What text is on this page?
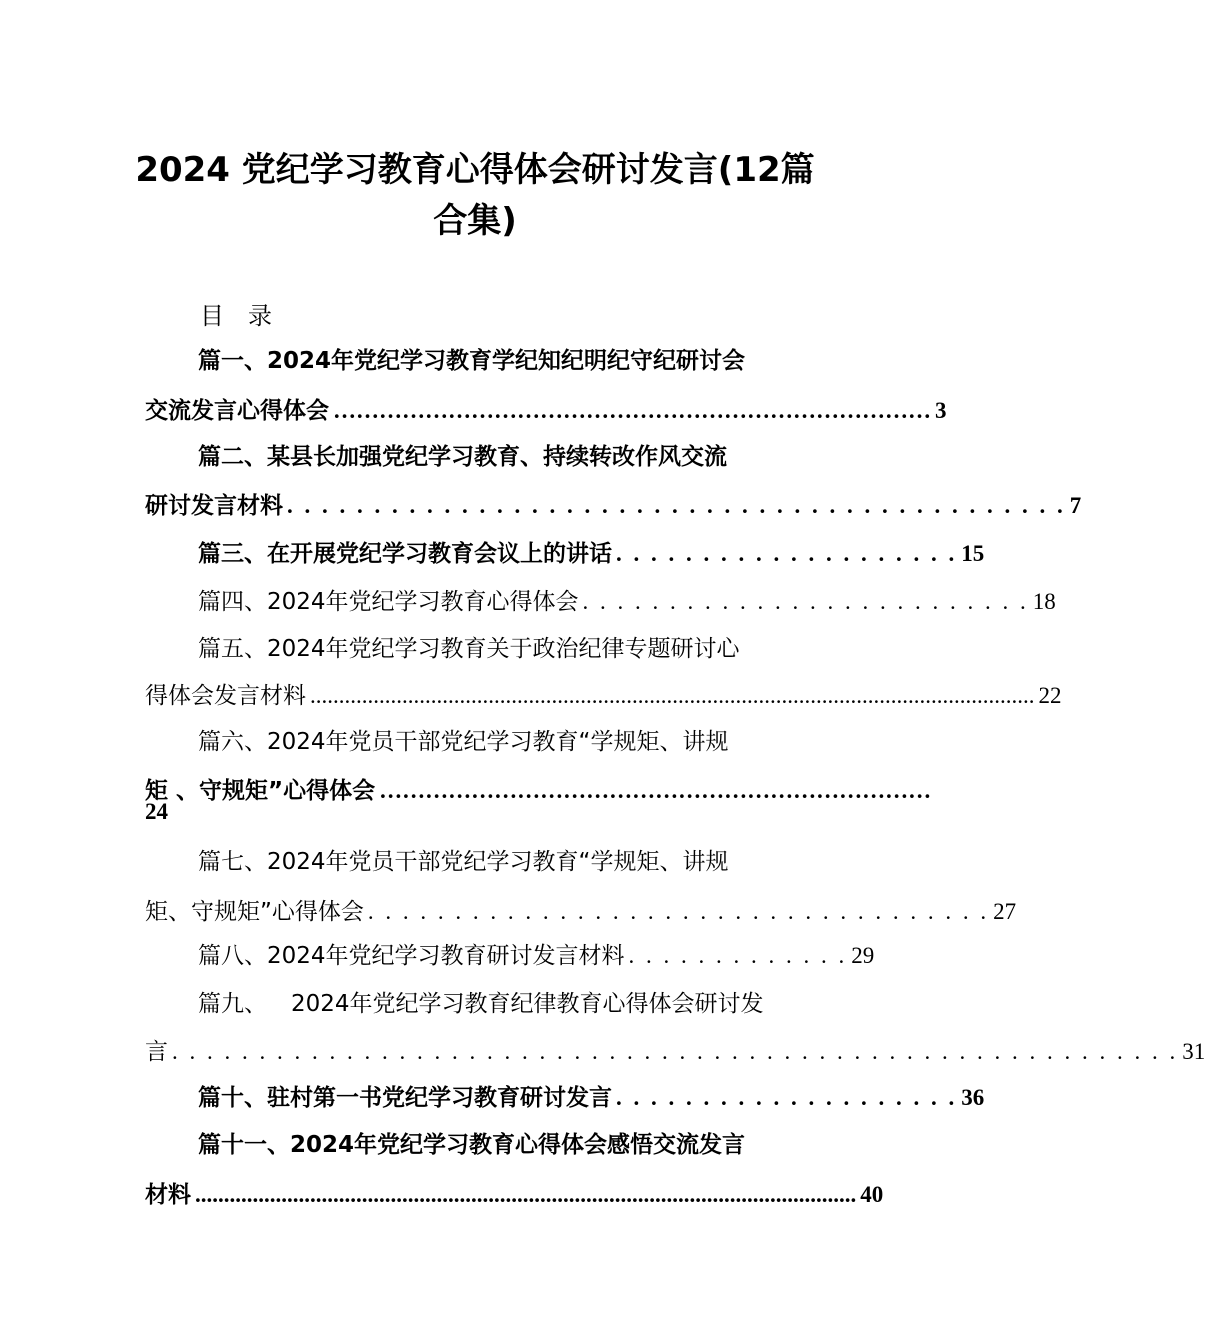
2024 党纪学习教育心得体会研讨发言(12篇
合集)
目　录
篇一、 2024年党纪学习教育学纪知纪明纪守纪研讨会
交流发言心得体会 …………………………………………………………………… 3
篇二、 某县长加强党纪学习教育、持续转改作风交流
研讨发言材料 . . . . . . . . . . . . . . . . . . . . . . . . . . . . . . . . . . . . . . . . . . . . . 7
篇三、 在开展党纪学习教育会议上的讲话 . . . . . . . . . . . . . . . . . . . . 15
篇四、 2024年党纪学习教育心得体会 . . . . . . . . . . . . . . . . . . . . . . . . . . 18
篇五、 2024年党纪学习教育关于政治纪律专题研讨心
得体会发言材料 .............................................................................................................................. 22
篇六、 2024年党员干部党纪学习教育“学规矩、讲规
矩 、守规矩”心得体会 ………………………………………………………………
24
篇七、 2024年党员干部党纪学习教育“学规矩、讲规
矩、守规矩”心得体会 . . . . . . . . . . . . . . . . . . . . . . . . . . . . . . . . . . . . 27
篇八、 2024年党纪学习教育研讨发言材料 . . . . . . . . . . . . . 29
篇九、 2024年党纪学习教育纪律教育心得体会研讨发
言 . . . . . . . . . . . . . . . . . . . . . . . . . . . . . . . . . . . . . . . . . . . . . . . . . . . . . . . . . . 31
篇十、 驻村第一书党纪学习教育研讨发言 . . . . . . . . . . . . . . . . . . . . 36
篇十一、 2024年党纪学习教育心得体会感悟交流发言
材料 ................................................................................................................... 40
